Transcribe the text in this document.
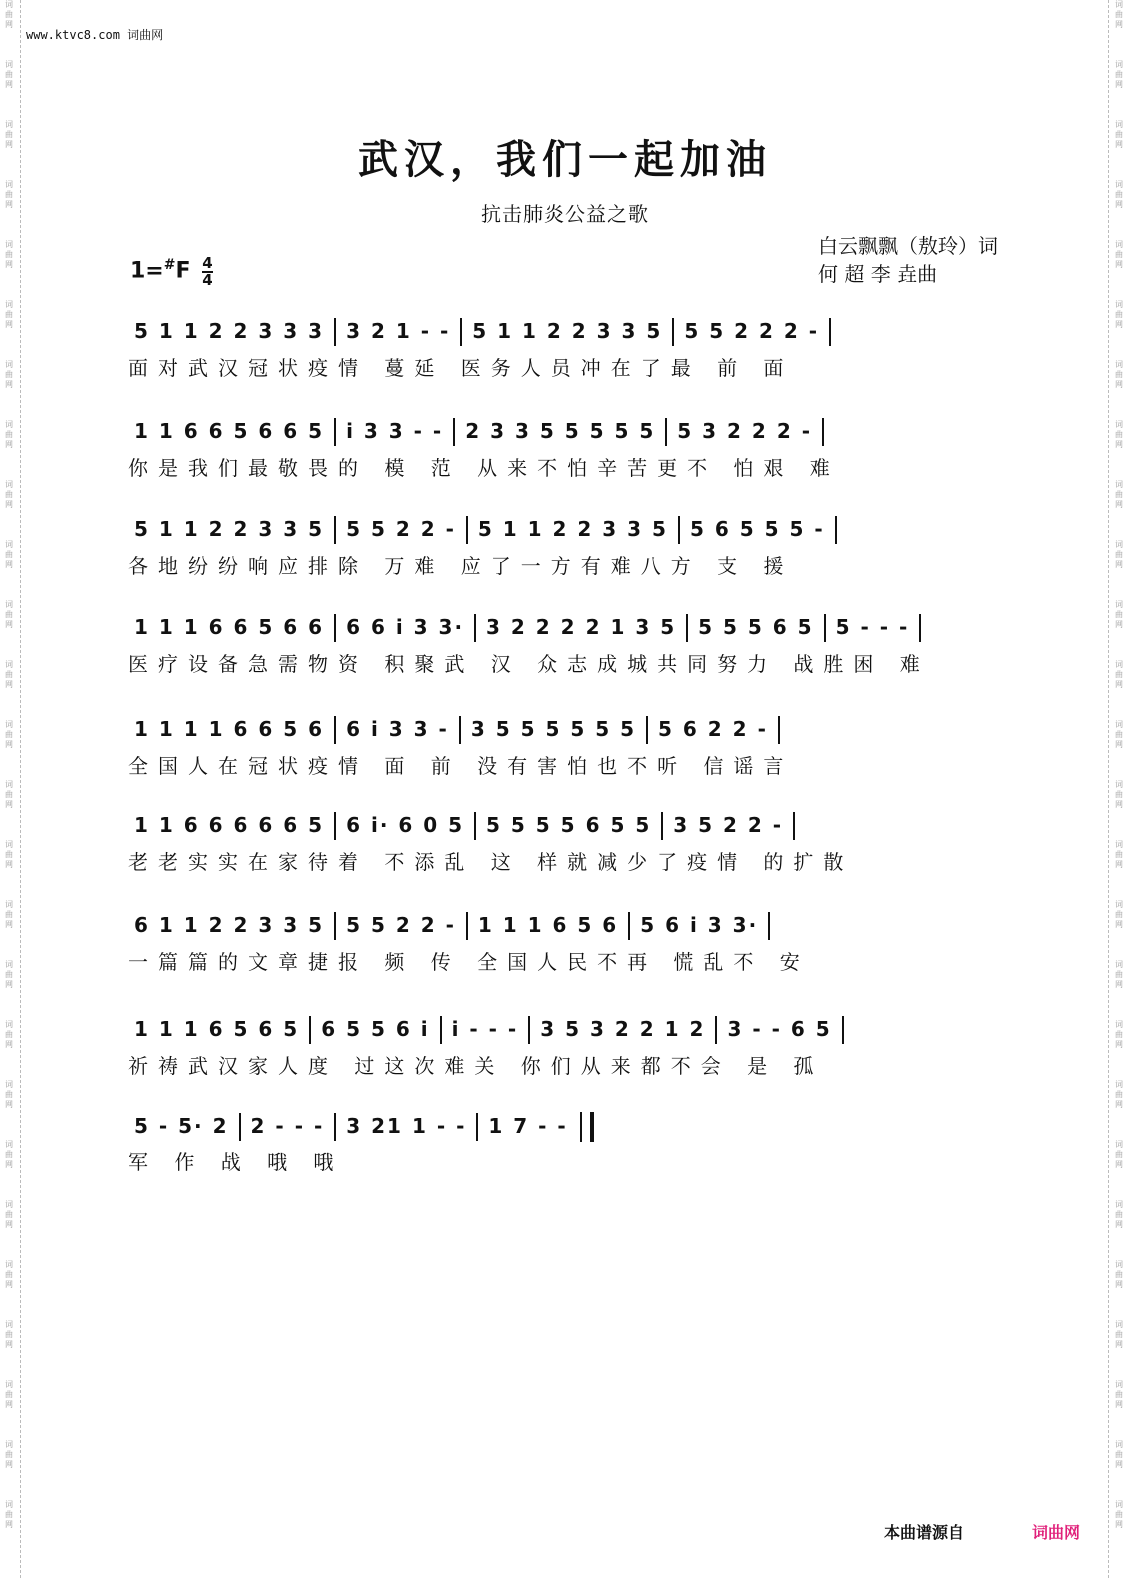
词曲网
词曲网
词曲网
词曲网
词曲网
词曲网
词曲网
词曲网
词曲网
词曲网
词曲网
词曲网
词曲网
词曲网
词曲网
词曲网
词曲网
词曲网
词曲网
词曲网
词曲网
词曲网
词曲网
词曲网
词曲网
词曲网
词曲网
词曲网
词曲网
词曲网
词曲网
词曲网
词曲网
词曲网
词曲网
词曲网
词曲网
词曲网
词曲网
词曲网
词曲网
词曲网
词曲网
词曲网
词曲网
词曲网
词曲网
词曲网
词曲网
词曲网
词曲网
词曲网
www.ktvc8.com 词曲网
武汉，我们一起加油
抗击肺炎公益之歌
白云飘飘（敖玲）词
何 超 李 垚曲
$1=^{\#}F \frac{4}{4}$
5 1 1 2 2 3 3 3 3 2 1 - - 5 1 1 2 2 3 3 5 5 5 2 2 2 -
面对武汉冠状疫情 蔓延 医务人员冲在了最 前 面
1 1 6 6 5 6 6 5 i 3 3 - - 2 3 3 5 5 5 5 5 5 3 2 2 2 -
你是我们最敬畏的 模 范 从来不怕辛苦更不 怕艰 难
5 1 1 2 2 3 3 5 5 5 2 2 - 5 1 1 2 2 3 3 5 5 6 5 5 5 -
各地纷纷响应排除 万难 应了一方有难八方 支 援
1 1 1 6 6 5 6 6 6 6 i 3 3· 3 2 2 2 2 1 3 5 5 5 5 6 5 5 - - -
医疗设备急需物资 积聚武 汉 众志成城共同努力 战胜困 难
1 1 1 1 6 6 5 6 6 i 3 3 - 3 5 5 5 5 5 5 5 6 2 2 -
全国人在冠状疫情 面 前 没有害怕也不听 信谣言
1 1 6 6 6 6 6 5 6 i· 6 0 5 5 5 5 5 6 5 5 3 5 2 2 -
老老实实在家待着 不添乱 这 样就减少了疫情 的扩散
6 1 1 2 2 3 3 5 5 5 2 2 - 1 1 1 6 5 6 5 6 i 3 3·
一篇篇的文章捷报 频 传 全国人民不再 慌乱不 安
1 1 1 6 5 6 5 6 5 5 6 i i - - - 3 5 3 2 2 1 2 3 - - 6 5
祈祷武汉家人度 过这次难关 你们从来都不会 是 孤
5 - 5· 2 2 - - - 3 21 1 - - 1 7 - -
军 作 战 哦 哦
本曲谱源自	词曲网
